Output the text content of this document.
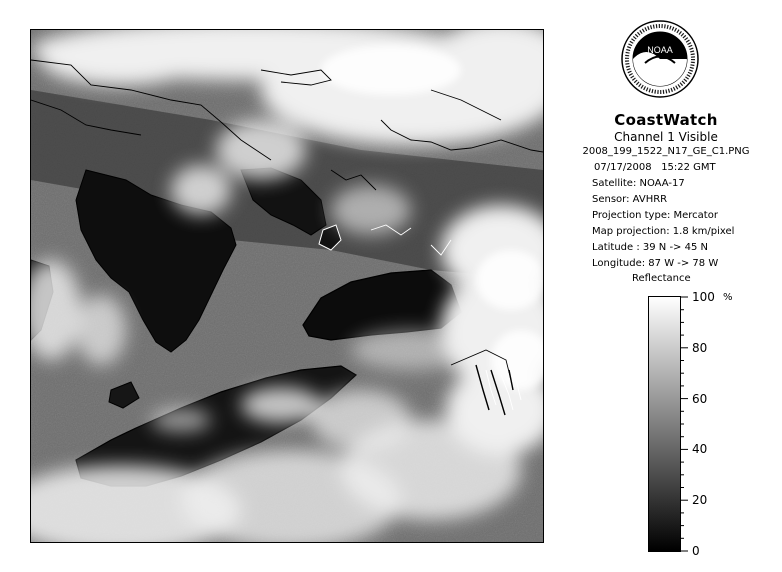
NOAA
CoastWatch
Channel 1 Visible
2008_199_1522_N17_GE_C1.PNG
07/17/2008 15:22 GMT
Satellite: NOAA-17
Sensor: AVHRR
Projection type: Mercator
Map projection: 1.8 km/pixel
Latitude : 39 N -> 45 N
Longitude: 87 W -> 78 W
Reflectance
%
100
80
60
40
20
0
